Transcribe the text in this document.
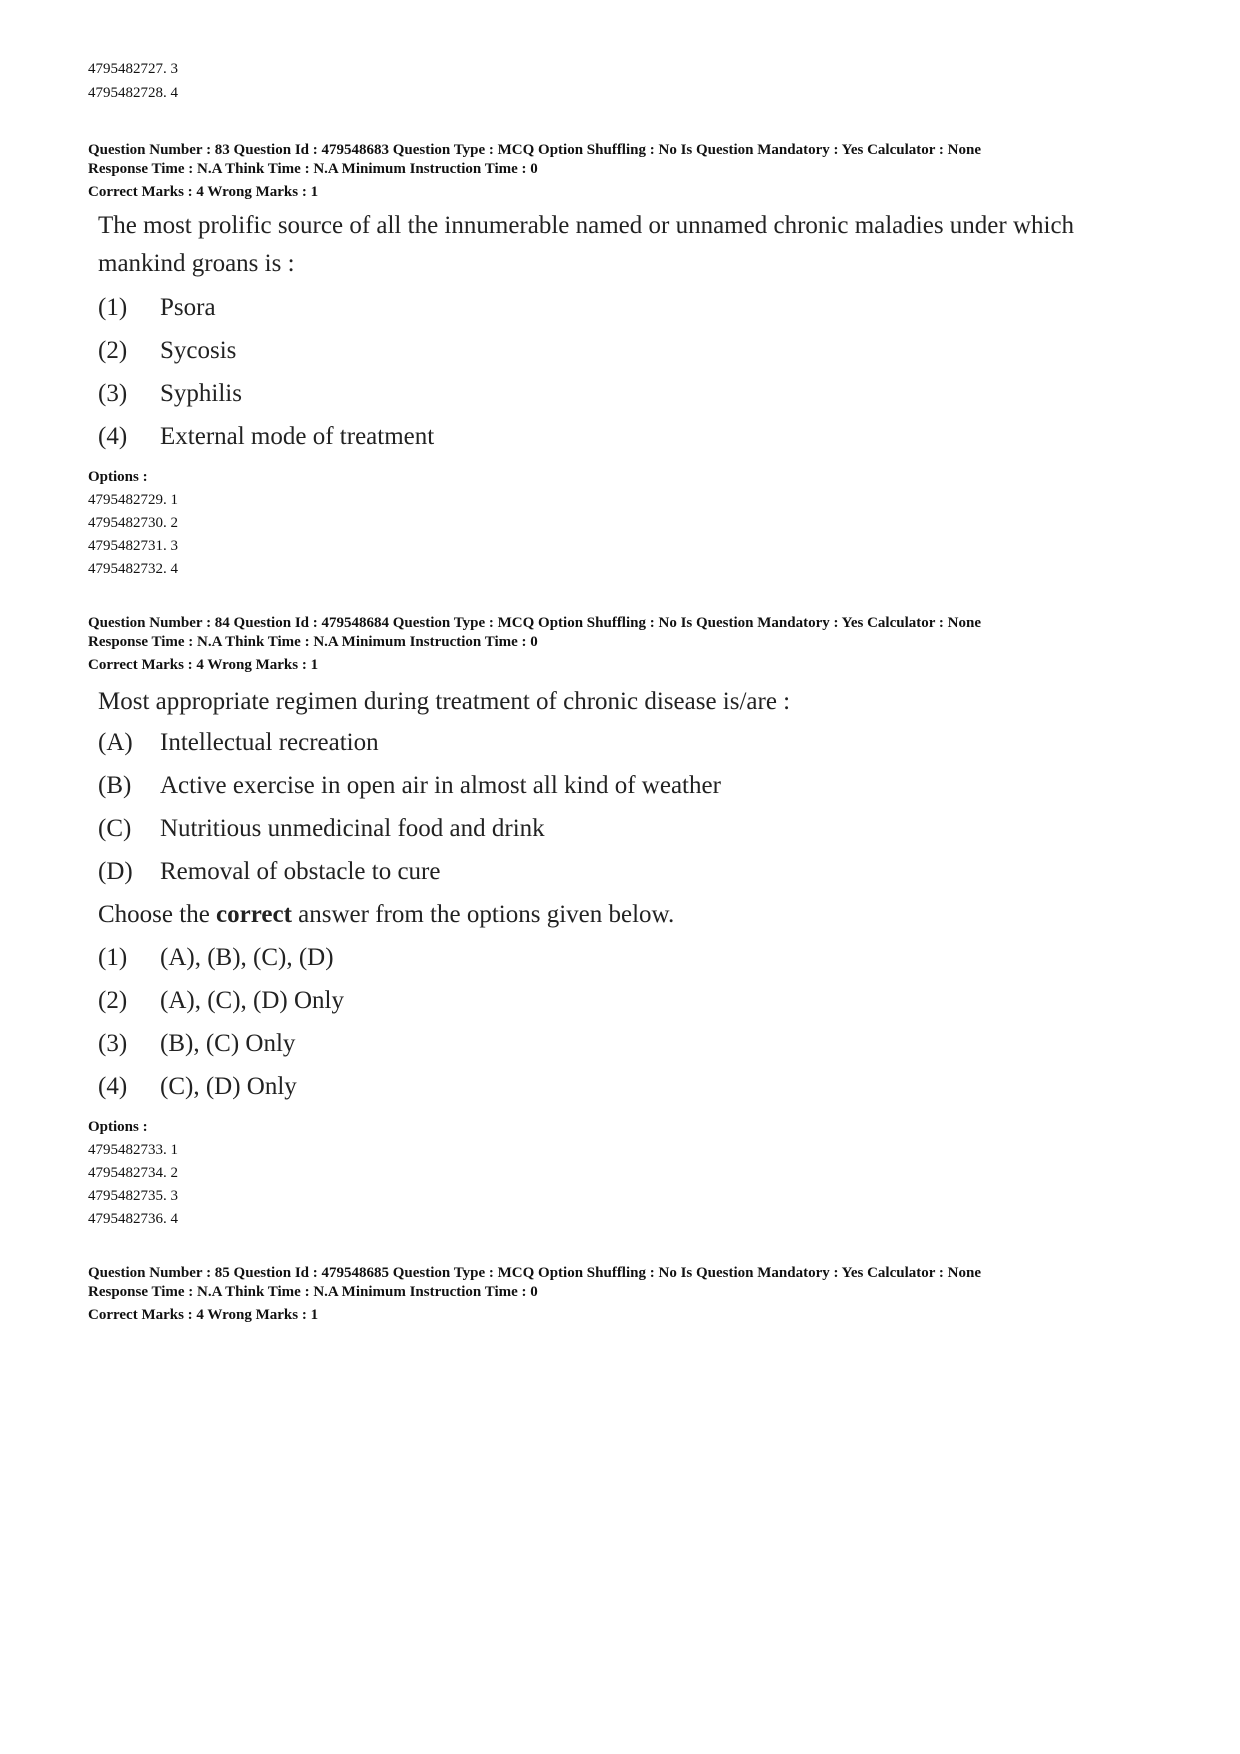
4795482727. 3
4795482728. 4
Question Number : 83 Question Id : 479548683 Question Type : MCQ Option Shuffling : No Is Question Mandatory : Yes Calculator : None
Response Time : N.A Think Time : N.A Minimum Instruction Time : 0
Correct Marks : 4 Wrong Marks : 1
The most prolific source of all the innumerable named or unnamed chronic maladies under which
mankind groans is :
(1) Psora
(2) Sycosis
(3) Syphilis
(4) External mode of treatment
Options :
4795482729. 1
4795482730. 2
4795482731. 3
4795482732. 4
Question Number : 84 Question Id : 479548684 Question Type : MCQ Option Shuffling : No Is Question Mandatory : Yes Calculator : None
Response Time : N.A Think Time : N.A Minimum Instruction Time : 0
Correct Marks : 4 Wrong Marks : 1
Most appropriate regimen during treatment of chronic disease is/are :
(A) Intellectual recreation
(B) Active exercise in open air in almost all kind of weather
(C) Nutritious unmedicinal food and drink
(D) Removal of obstacle to cure
Choose the correct answer from the options given below.
(1) (A), (B), (C), (D)
(2) (A), (C), (D) Only
(3) (B), (C) Only
(4) (C), (D) Only
Options :
4795482733. 1
4795482734. 2
4795482735. 3
4795482736. 4
Question Number : 85 Question Id : 479548685 Question Type : MCQ Option Shuffling : No Is Question Mandatory : Yes Calculator : None
Response Time : N.A Think Time : N.A Minimum Instruction Time : 0
Correct Marks : 4 Wrong Marks : 1
